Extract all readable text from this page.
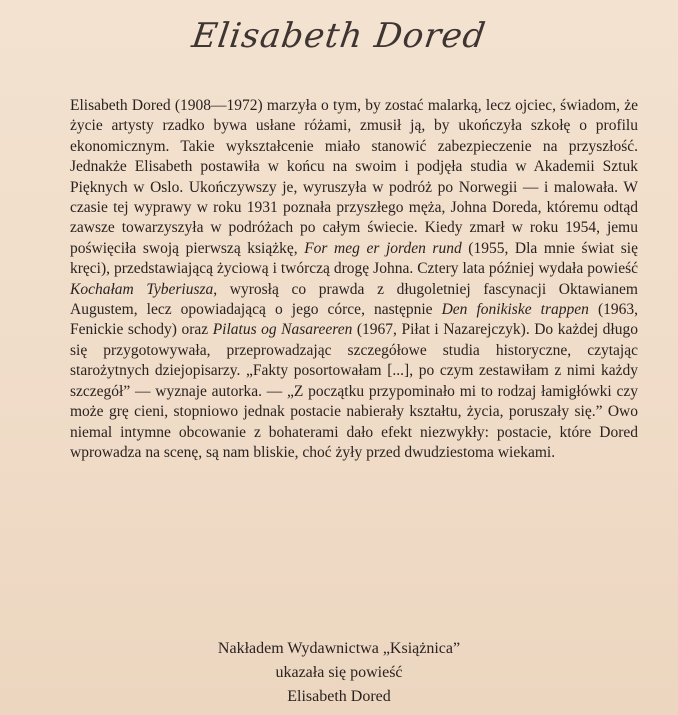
Elisabeth Dored

Elisabeth Dored (1908—1972) marzyła o tym, by zostać malarką, lecz ojciec, świadom, że życie artysty rzadko bywa usłane różami, zmusił ją, by ukończyła szkołę o profilu ekonomicznym. Takie wykształcenie miało stanowić zabezpieczenie na przyszłość. Jednakże Elisabeth postawiła w końcu na swoim i podjęła studia w Akademii Sztuk Pięknych w Oslo. Ukończywszy je, wyruszyła w podróż po Norwegii — i malowała. W czasie tej wyprawy w roku 1931 poznała przyszłego męża, Johna Doreda, któremu odtąd zawsze towarzyszyła w podróżach po całym świecie. Kiedy zmarł w roku 1954, jemu poświęciła swoją pierwszą książkę, For meg er jorden rund (1955, Dla mnie świat się kręci), przedstawiającą życiową i twórczą drogę Johna. Cztery lata później wydała powieść Kochałam Tyberiusza, wyrosłą co prawda z długoletniej fascynacji Oktawianem Augustem, lecz opowiadającą o jego córce, następnie Den fonikiske trappen (1963, Fenickie schody) oraz Pilatus og Nasareeren (1967, Piłat i Nazarejczyk). Do każdej długo się przygotowywała, przeprowadzając szczegółowe studia historyczne, czytając starożytnych dziejopisarzy. „Fakty posortowałam [...], po czym zestawiłam z nimi każdy szczegół” — wyznaje autorka. — „Z początku przypominało mi to rodzaj łamigłówki czy może grę cieni, stopniowo jednak postacie nabierały kształtu, życia, poruszały się.” Owo niemal intymne obcowanie z bohaterami dało efekt niezwykły: postacie, które Dored wprowadza na scenę, są nam bliskie, choć żyły przed dwudziestoma wiekami.

Nakładem Wydawnictwa „Książnica”
ukazała się powieść
Elisabeth Dored
